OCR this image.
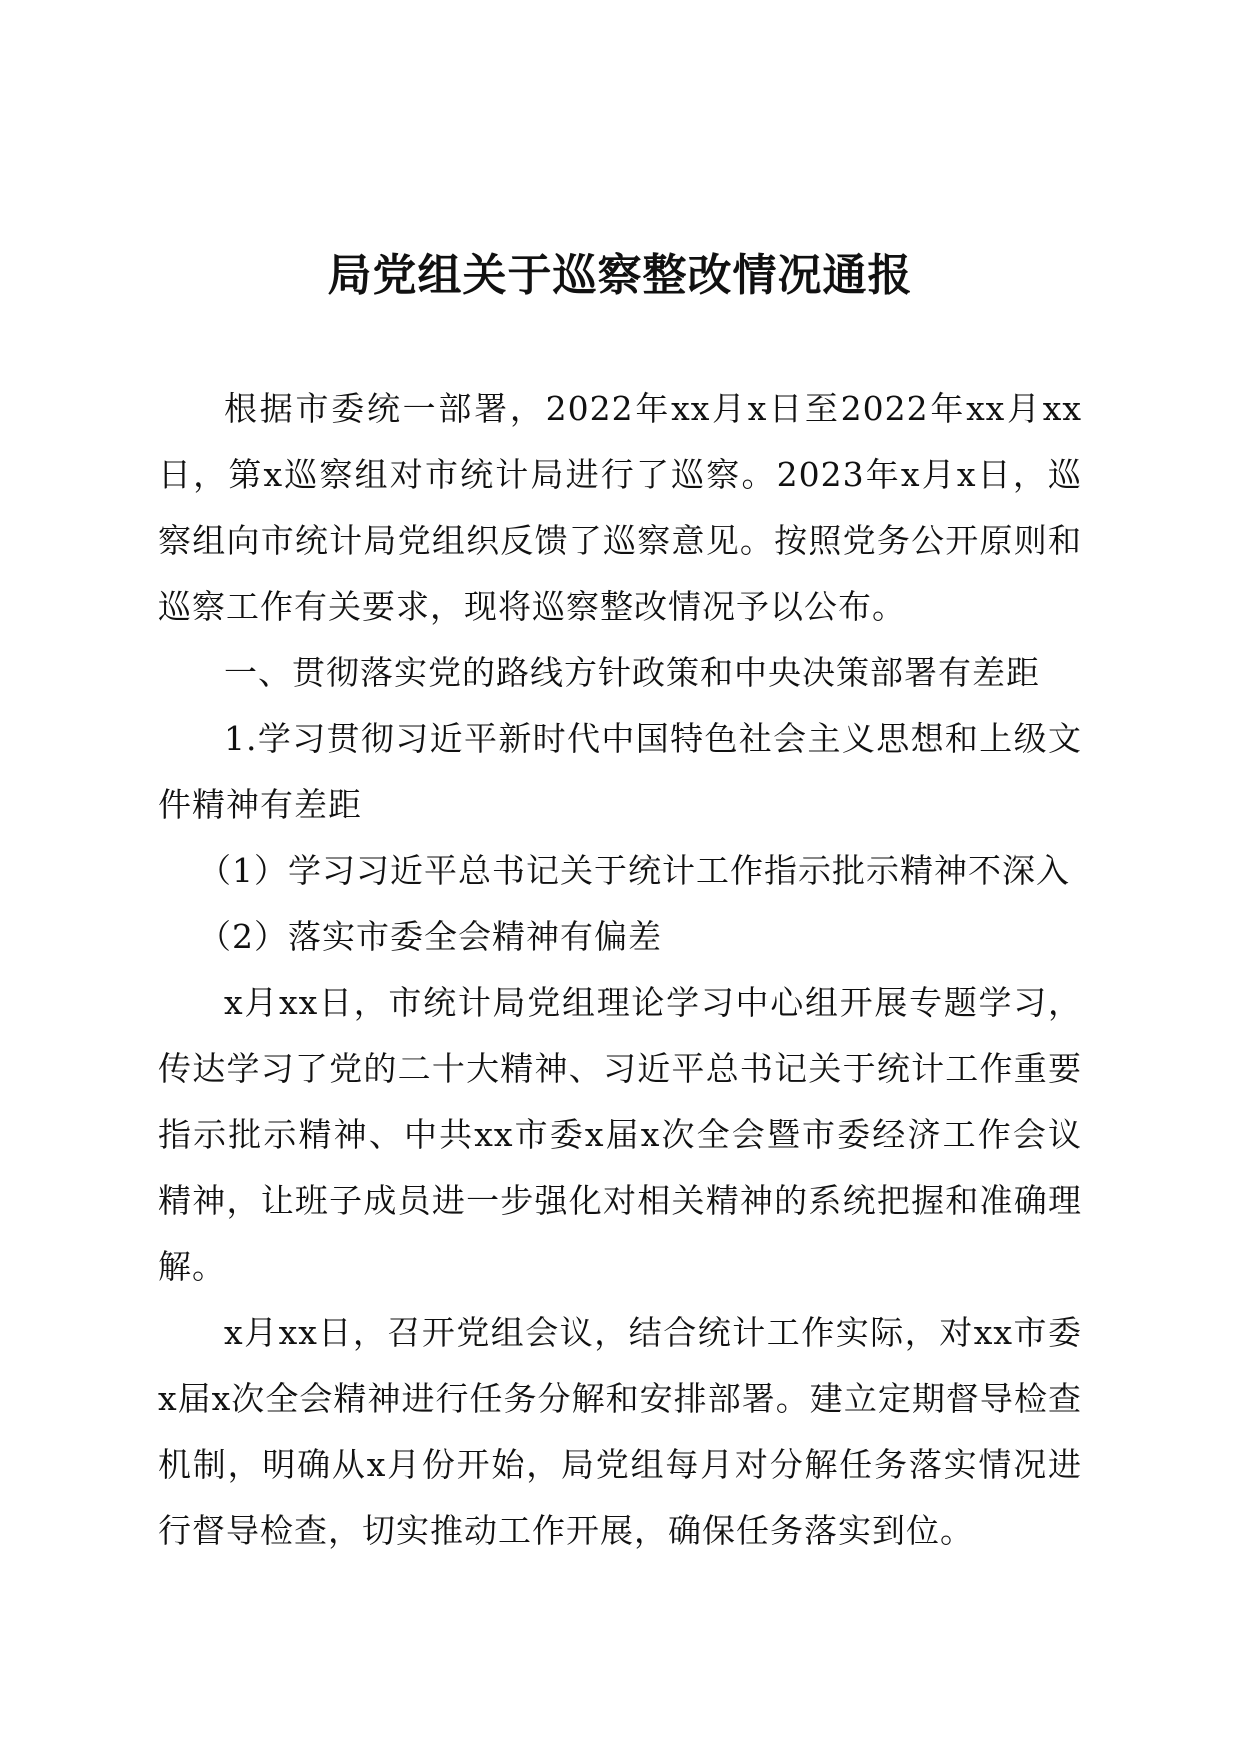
局党组关于巡察整改情况通报

根据市委统一部署，2022年xx月x日至2022年xx月xx日，第x巡察组对市统计局进行了巡察。2023年x月x日，巡察组向市统计局党组织反馈了巡察意见。按照党务公开原则和巡察工作有关要求，现将巡察整改情况予以公布。

一、贯彻落实党的路线方针政策和中央决策部署有差距

1.学习贯彻习近平新时代中国特色社会主义思想和上级文件精神有差距

（1）学习习近平总书记关于统计工作指示批示精神不深入

（2）落实市委全会精神有偏差

x月xx日，市统计局党组理论学习中心组开展专题学习，传达学习了党的二十大精神、习近平总书记关于统计工作重要指示批示精神、中共xx市委x届x次全会暨市委经济工作会议精神，让班子成员进一步强化对相关精神的系统把握和准确理解。

x月xx日，召开党组会议，结合统计工作实际，对xx市委x届x次全会精神进行任务分解和安排部署。建立定期督导检查机制，明确从x月份开始，局党组每月对分解任务落实情况进行督导检查，切实推动工作开展，确保任务落实到位。
